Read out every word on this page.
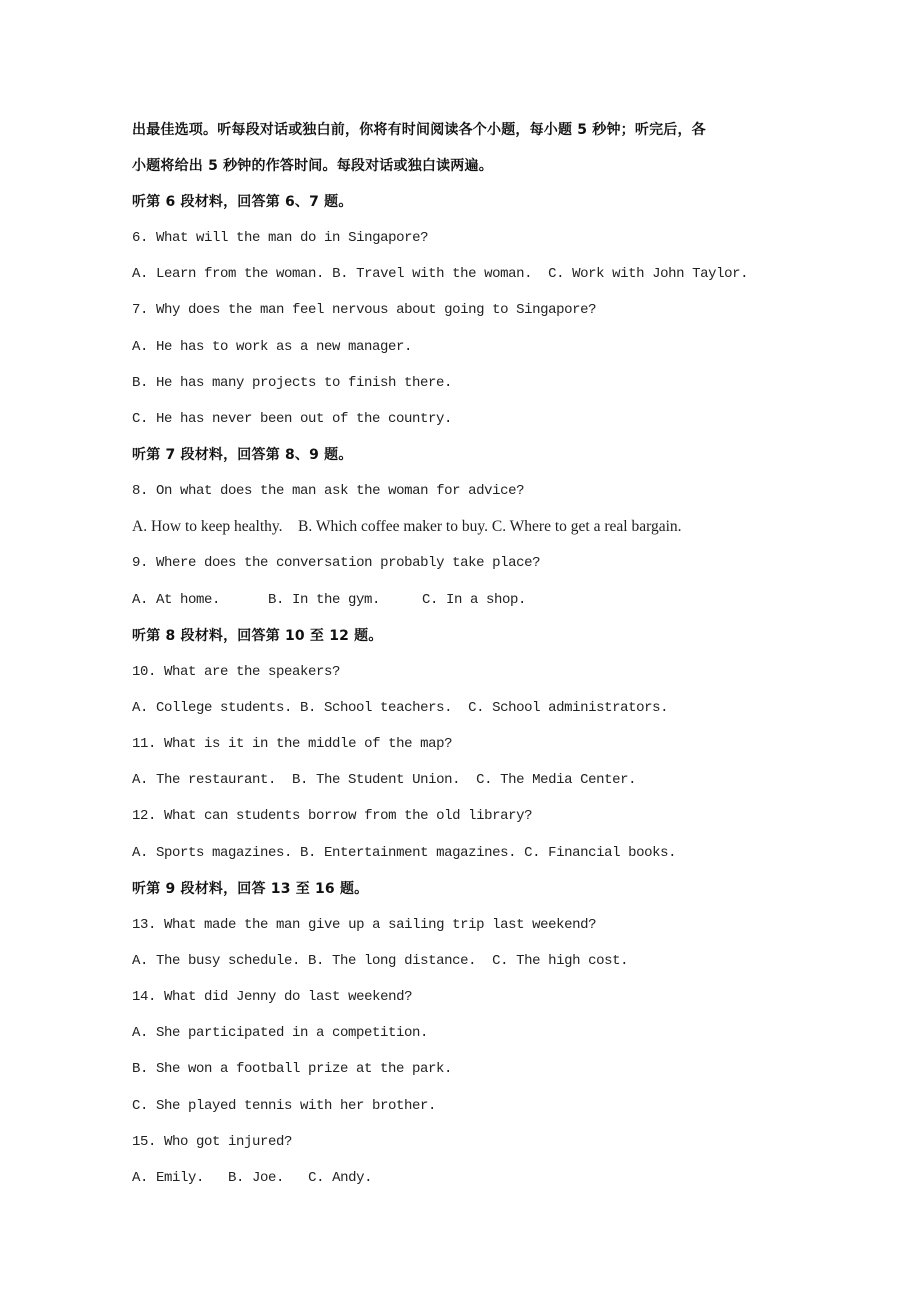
出最佳选项。听每段对话或独白前，你将有时间阅读各个小题，每小题 5 秒钟；听完后，各
小题将给出 5 秒钟的作答时间。每段对话或独白读两遍。
听第 6 段材料，回答第 6、7 题。
6. What will the man do in Singapore?
A. Learn from the woman. B. Travel with the woman. C. Work with John Taylor.
7. Why does the man feel nervous about going to Singapore?
A. He has to work as a new manager.
B. He has many projects to finish there.
C. He has never been out of the country.
听第 7 段材料，回答第 8、9 题。
8. On what does the man ask the woman for advice?
A. How to keep healthy. B. Which coffee maker to buy. C. Where to get a real bargain.
9. Where does the conversation probably take place?
A. At home.	B. In the gym.	C. In a shop.
听第 8 段材料，回答第 10 至 12 题。
10. What are the speakers?
A. College students. B. School teachers. C. School administrators.
11. What is it in the middle of the map?
A. The restaurant. B. The Student Union. C. The Media Center.
12. What can students borrow from the old library?
A. Sports magazines. B. Entertainment magazines. C. Financial books.
听第 9 段材料，回答 13 至 16 题。
13. What made the man give up a sailing trip last weekend?
A. The busy schedule. B. The long distance. C. The high cost.
14. What did Jenny do last weekend?
A. She participated in a competition.
B. She won a football prize at the park.
C. She played tennis with her brother.
15. Who got injured?
A. Emily. B. Joe. C. Andy.
